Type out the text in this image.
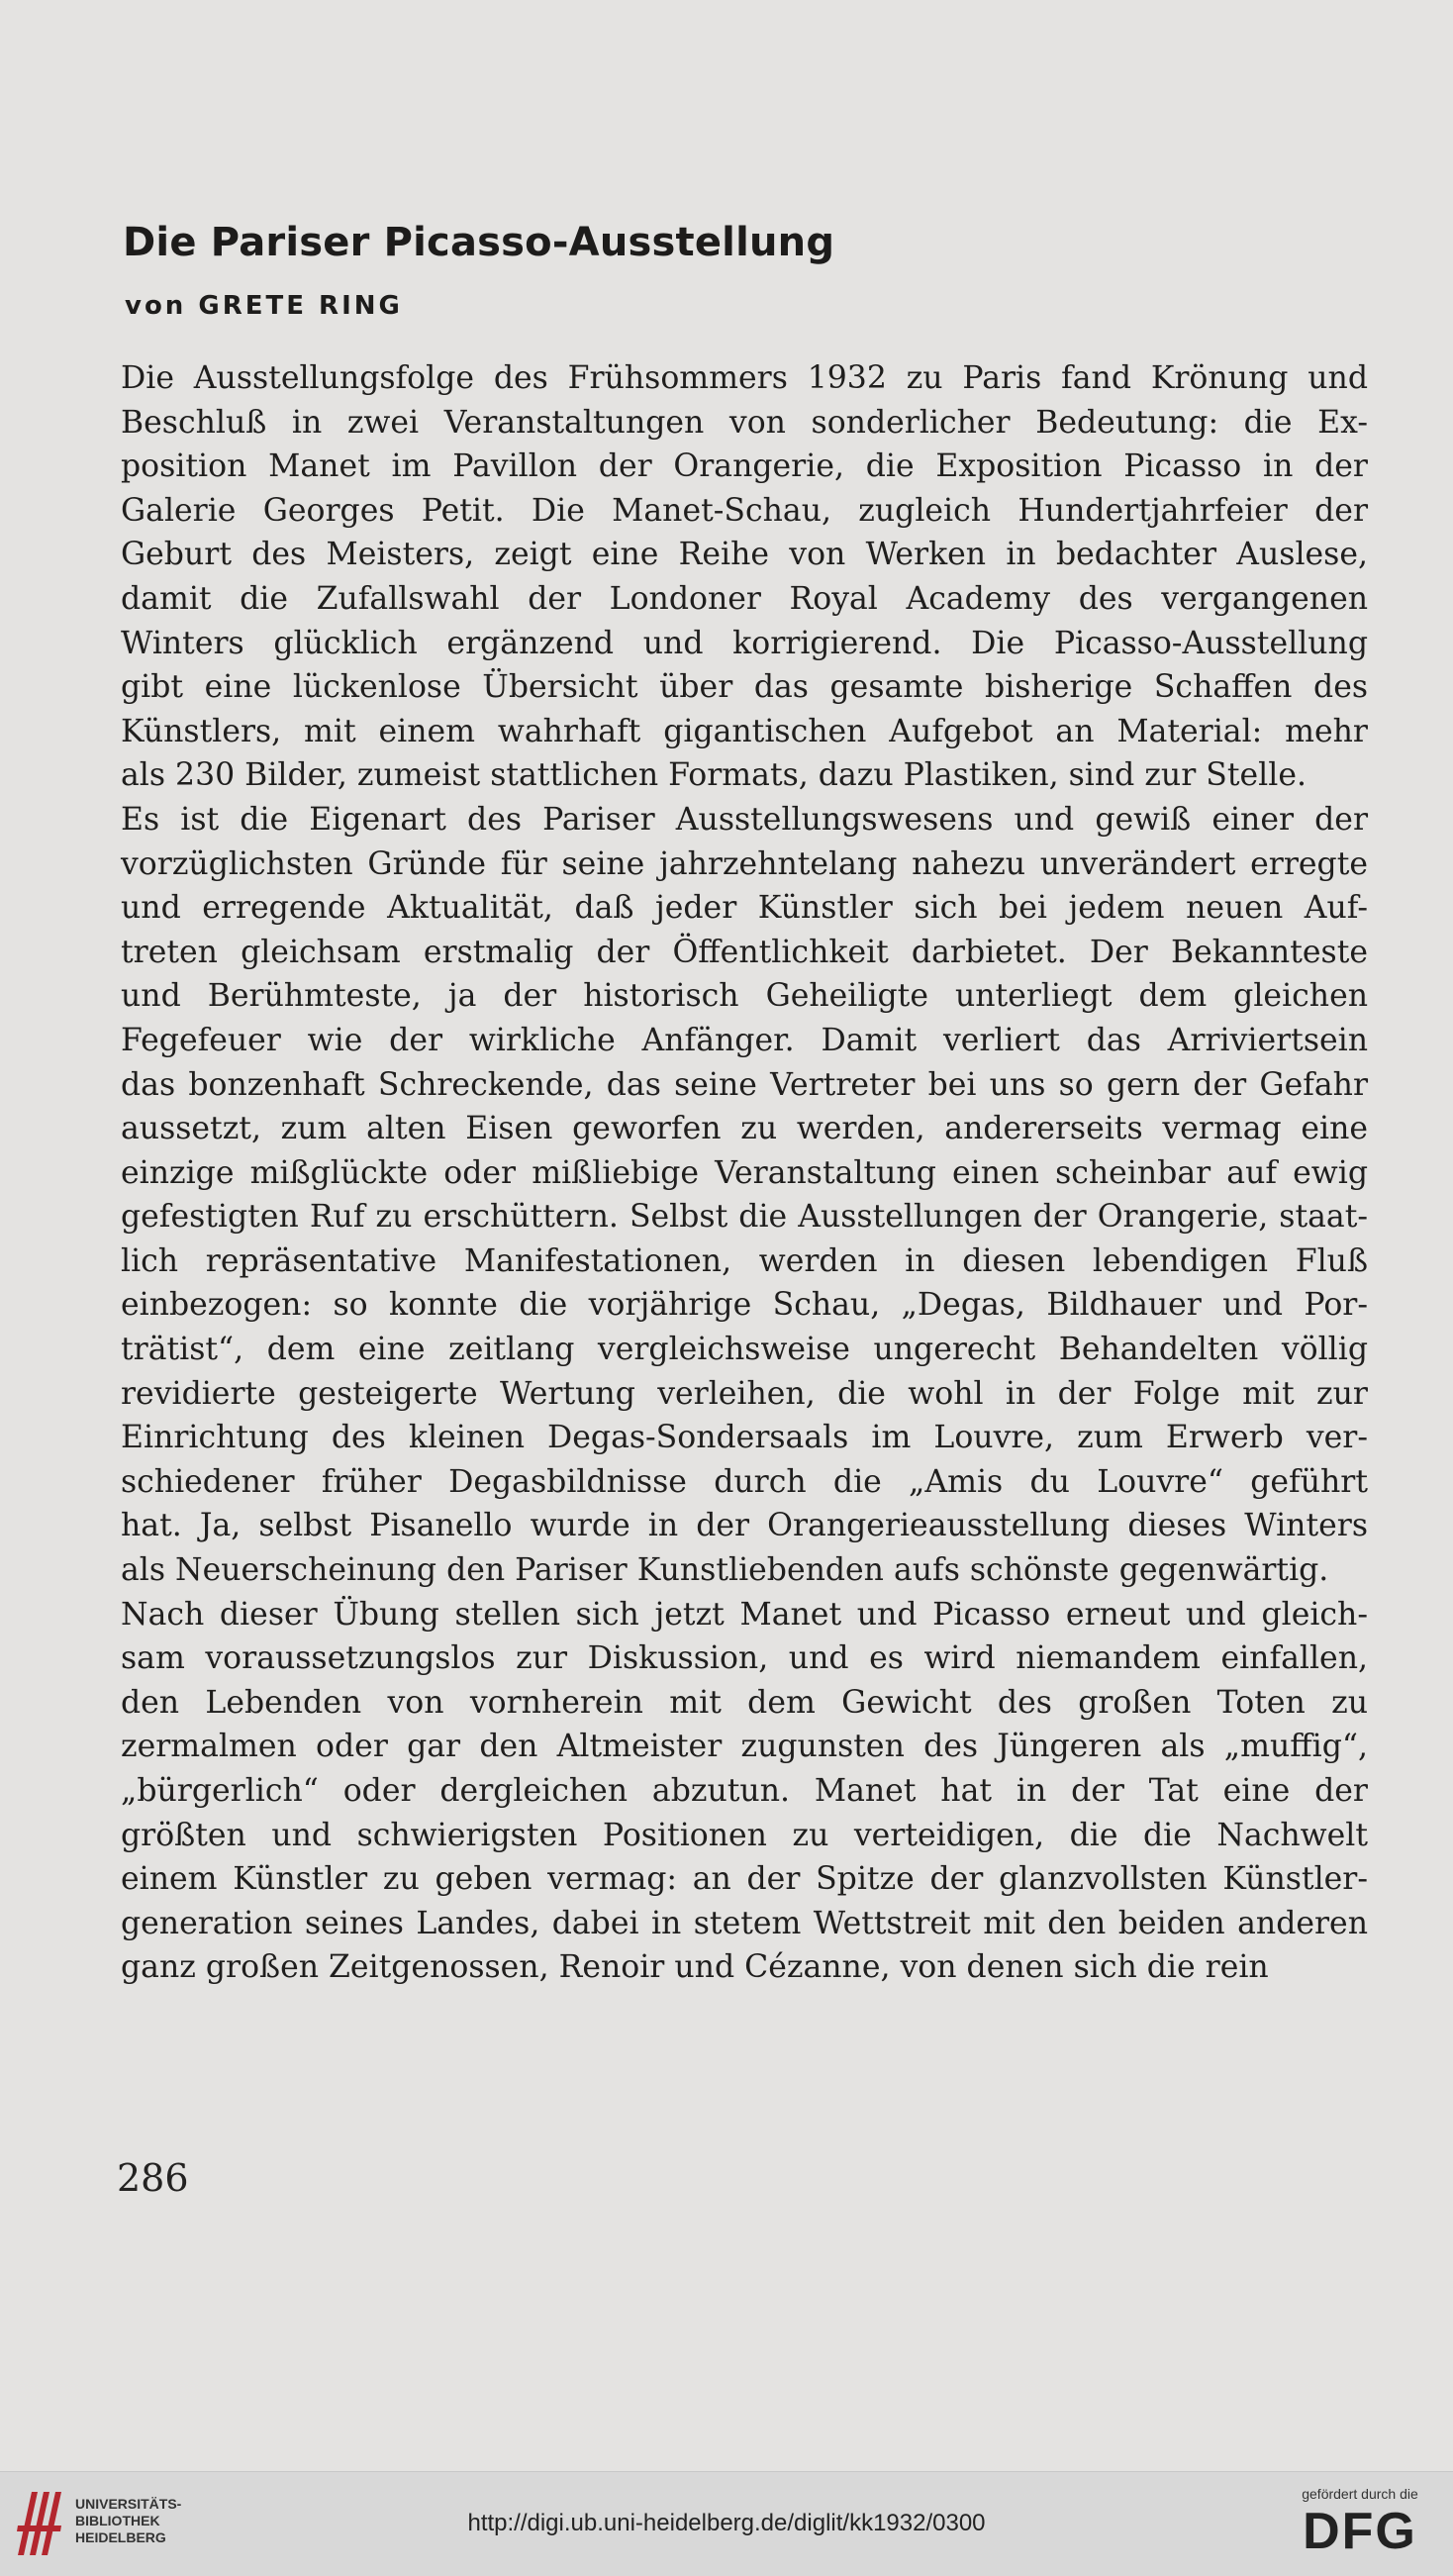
Die Pariser Picasso-Ausstellung
von GRETE RING
Die Ausstellungsfolge des Frühsommers 1932 zu Paris fand Krönung und
Beschluß in zwei Veranstaltungen von sonderlicher Bedeutung: die Ex-
position Manet im Pavillon der Orangerie, die Exposition Picasso in der
Galerie Georges Petit. Die Manet-Schau, zugleich Hundertjahrfeier der
Geburt des Meisters, zeigt eine Reihe von Werken in bedachter Auslese,
damit die Zufallswahl der Londoner Royal Academy des vergangenen
Winters glücklich ergänzend und korrigierend. Die Picasso-Ausstellung
gibt eine lückenlose Übersicht über das gesamte bisherige Schaffen des
Künstlers, mit einem wahrhaft gigantischen Aufgebot an Material: mehr
als 230 Bilder, zumeist stattlichen Formats, dazu Plastiken, sind zur Stelle.
Es ist die Eigenart des Pariser Ausstellungswesens und gewiß einer der
vorzüglichsten Gründe für seine jahrzehntelang nahezu unverändert erregte
und erregende Aktualität, daß jeder Künstler sich bei jedem neuen Auf-
treten gleichsam erstmalig der Öffentlichkeit darbietet. Der Bekannteste
und Berühmteste, ja der historisch Geheiligte unterliegt dem gleichen
Fegefeuer wie der wirkliche Anfänger. Damit verliert das Arriviertsein
das bonzenhaft Schreckende, das seine Vertreter bei uns so gern der Gefahr
aussetzt, zum alten Eisen geworfen zu werden, andererseits vermag eine
einzige mißglückte oder mißliebige Veranstaltung einen scheinbar auf ewig
gefestigten Ruf zu erschüttern. Selbst die Ausstellungen der Orangerie, staat-
lich repräsentative Manifestationen, werden in diesen lebendigen Fluß
einbezogen: so konnte die vorjährige Schau, „Degas, Bildhauer und Por-
trätist“, dem eine zeitlang vergleichsweise ungerecht Behandelten völlig
revidierte gesteigerte Wertung verleihen, die wohl in der Folge mit zur
Einrichtung des kleinen Degas-Sondersaals im Louvre, zum Erwerb ver-
schiedener früher Degasbildnisse durch die „Amis du Louvre“ geführt
hat. Ja, selbst Pisanello wurde in der Orangerieausstellung dieses Winters
als Neuerscheinung den Pariser Kunstliebenden aufs schönste gegenwärtig.
Nach dieser Übung stellen sich jetzt Manet und Picasso erneut und gleich-
sam voraussetzungslos zur Diskussion, und es wird niemandem einfallen,
den Lebenden von vornherein mit dem Gewicht des großen Toten zu
zermalmen oder gar den Altmeister zugunsten des Jüngeren als „muffig“,
„bürgerlich“ oder dergleichen abzutun. Manet hat in der Tat eine der
größten und schwierigsten Positionen zu verteidigen, die die Nachwelt
einem Künstler zu geben vermag: an der Spitze der glanzvollsten Künstler-
generation seines Landes, dabei in stetem Wettstreit mit den beiden anderen
ganz großen Zeitgenossen, Renoir und Cézanne, von denen sich die rein
286
UNIVERSITÄTS-
BIBLIOTHEK
HEIDELBERG
http://digi.ub.uni-heidelberg.de/diglit/kk1932/0300
gefördert durch die
DFG
